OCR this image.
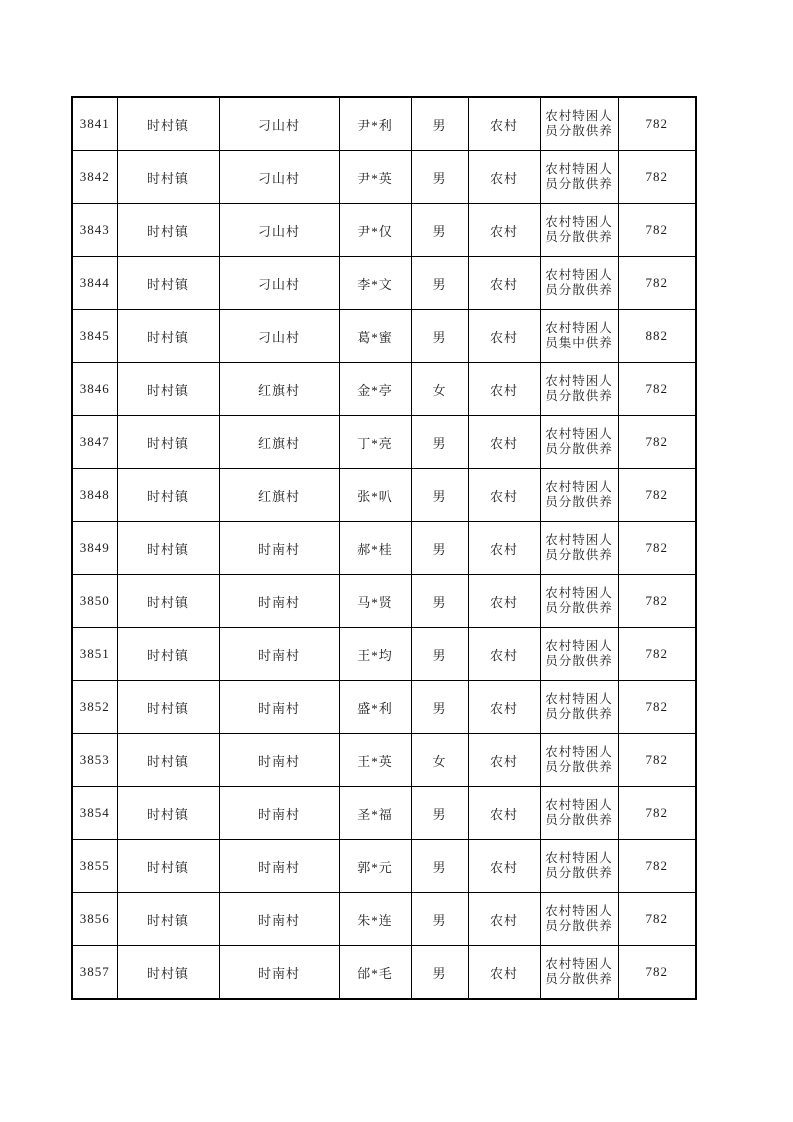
3841	时村镇	刁山村	尹*利	男	农村	农村特困人员分散供养	782
3842	时村镇	刁山村	尹*英	男	农村	农村特困人员分散供养	782
3843	时村镇	刁山村	尹*仅	男	农村	农村特困人员分散供养	782
3844	时村镇	刁山村	李*文	男	农村	农村特困人员分散供养	782
3845	时村镇	刁山村	葛*蜜	男	农村	农村特困人员集中供养	882
3846	时村镇	红旗村	金*亭	女	农村	农村特困人员分散供养	782
3847	时村镇	红旗村	丁*亮	男	农村	农村特困人员分散供养	782
3848	时村镇	红旗村	张*叭	男	农村	农村特困人员分散供养	782
3849	时村镇	时南村	郝*桂	男	农村	农村特困人员分散供养	782
3850	时村镇	时南村	马*贤	男	农村	农村特困人员分散供养	782
3851	时村镇	时南村	王*均	男	农村	农村特困人员分散供养	782
3852	时村镇	时南村	盛*利	男	农村	农村特困人员分散供养	782
3853	时村镇	时南村	王*英	女	农村	农村特困人员分散供养	782
3854	时村镇	时南村	圣*福	男	农村	农村特困人员分散供养	782
3855	时村镇	时南村	郭*元	男	农村	农村特困人员分散供养	782
3856	时村镇	时南村	朱*连	男	农村	农村特困人员分散供养	782
3857	时村镇	时南村	邰*毛	男	农村	农村特困人员分散供养	782
